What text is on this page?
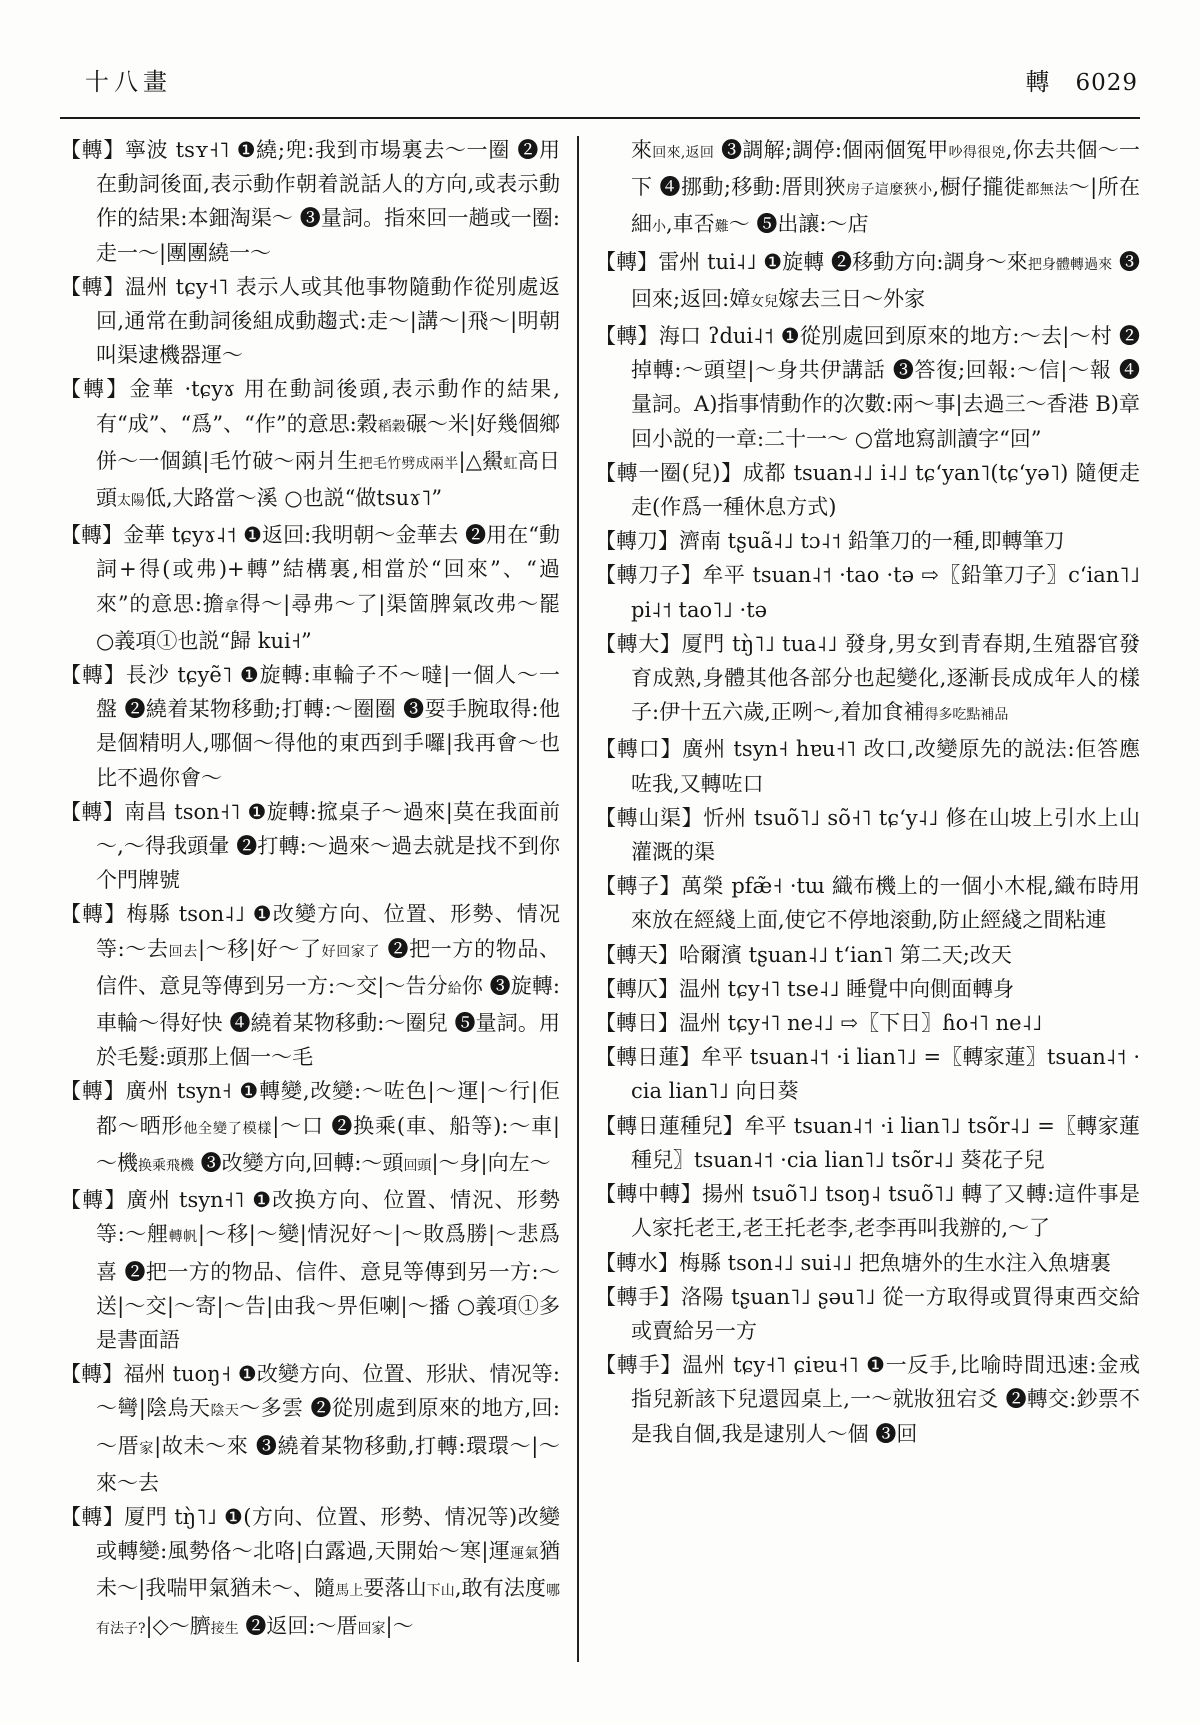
十八畫	轉 6029

【轉】寧波 tsʏ˧˥ ❶繞;兜:我到市場裏去～一圈 ❷用在動詞後面,表示動作朝着説話人的方向,或表示動作的結果:本鈿淘渠～ ❸量詞。指來回一趟或一圈:走一～|團團繞一～

【轉】温州 tɕy˧˥ 表示人或其他事物隨動作從別處返回,通常在動詞後組成動趨式:走～|講～|飛～|明朝叫渠逮機器運～

【轉】金華 ·tɕyɤ 用在動詞後頭,表示動作的結果,有“成”、“爲”、“作”的意思:穀稻穀碾～米|好幾個鄉併～一個鎮|毛竹破～兩爿生把毛竹劈成兩半|△鱟虹高日頭太陽低,大路當～溪 ○也説“做tsuɤ˥”

【轉】金華 tɕyɤ˨˦ ❶返回:我明朝～金華去 ❷用在“動詞+得(或弗)+轉”結構裏,相當於“回來”、“過來”的意思:擔拿得～|尋弗～了|渠箇脾氣改弗～罷 ○義項①也説“歸 kui˧”

【轉】長沙 tɕyẽ˥ ❶旋轉:車輪子不～噠|一個人～一盤 ❷繞着某物移動;打轉:～圈圈 ❸耍手腕取得:他是個精明人,哪個～得他的東西到手囉|我再會～也比不過你會～

【轉】南昌 tson˧˥ ❶旋轉:搲桌子～過來|莫在我面前～,～得我頭暈 ❷打轉:～過來～過去就是找不到你个門牌號

【轉】梅縣 tson˨˩ ❶改變方向、位置、形勢、情况等:～去回去|～移|好～了好回家了 ❷把一方的物品、信件、意見等傳到另一方:～交|～告分給你 ❸旋轉:車輪～得好快 ❹繞着某物移動:～圈兒 ❺量詞。用於毛髮:頭那上個一～毛

【轉】廣州 tsyn˧ ❶轉變,改變:～咗色|～運|～行|佢都～晒形他全變了模樣|～口 ❷换乘(車、船等):～車|～機换乘飛機 ❸改變方向,回轉:～頭回頭|～身|向左～

【轉】廣州 tsyn˧˥ ❶改换方向、位置、情況、形勢等:～艃轉帆|～移|～變|情況好～|～敗爲勝|～悲爲喜 ❷把一方的物品、信件、意見等傳到另一方:～送|～交|～寄|～告|由我～畀佢喇|～播 ○義項①多是書面語

【轉】福州 tuoŋ˧ ❶改變方向、位置、形狀、情况等:～彎|陰烏天陰天～多雲 ❷從別處到原來的地方,回:～厝家|故未～來 ❸繞着某物移動,打轉:環環～|～來～去

【轉】厦門 tŋ̀˥˩ ❶(方向、位置、形勢、情况等)改變或轉變:風勢佫～北咯|白露過,天開始～寒|運運氣猶未～|我喘甲氣猶未～、隨馬上要落山下山,敢有法度哪有法子?|◇～臍接生 ❷返回:～厝回家|～

來回來,返回 ❸調解;調停:個兩個冤甲吵得很兇,你去共個～一下 ❹挪動;移動:厝則狹房子這麼狹小,橱仔攏徙都無法～|所在細小,車否難～ ❺出讓:～店

【轉】雷州 tui˨˩ ❶旋轉 ❷移動方向:調身～來把身體轉過來 ❸回來;返回:嫜女兒嫁去三日～外家

【轉】海口 ʔdui˨˦ ❶從別處回到原來的地方:～去|～村 ❷掉轉:～頭望|～身共伊講話 ❸答復;回報:～信|～報 ❹量詞。A)指事情動作的次數:兩～事|去過三～香港 B)章回小説的一章:二十一～ ○當地寫訓讀字“回”

【轉一圈(兒)】成都 tsuan˨˩ i˨˩ tɕʻyan˥(tɕʻyə˥) 隨便走走(作爲一種休息方式)

【轉刀】濟南 tʂuã˨˩ tɔ˨˦ 鉛筆刀的一種,即轉筆刀

【轉刀子】牟平 tsuan˨˦ ·tao ·tə ⇨〖鉛筆刀子〗cʻian˥˩ pi˨˦ tao˥˩ ·tə

【轉大】厦門 tŋ̀˥˩ tua˨˩ 發身,男女到青春期,生殖器官發育成熟,身體其他各部分也起變化,逐漸長成成年人的樣子:伊十五六歲,正咧～,着加食補得多吃點補品

【轉口】廣州 tsyn˧ hɐu˧˥ 改口,改變原先的説法:佢答應咗我,又轉咗口

【轉山渠】忻州 tsuõ˥˩ sõ˧˥ tɕʻy˨˩ 修在山坡上引水上山灌溉的渠

【轉子】萬榮 pfæ̃˧ ·tɯ 織布機上的一個小木棍,織布時用來放在經綫上面,使它不停地滚動,防止經綫之間粘連

【轉天】哈爾濱 tʂuan˨˩ tʻian˥ 第二天;改天

【轉仄】温州 tɕy˧˥ tse˨˩ 睡覺中向側面轉身

【轉日】温州 tɕy˧˥ ne˨˩ ⇨〖下日〗ɦo˧˥ ne˨˩

【轉日蓮】牟平 tsuan˨˦ ·i lian˥˩ =〖轉家蓮〗tsuan˨˦ ·cia lian˥˩ 向日葵

【轉日蓮種兒】牟平 tsuan˨˦ ·i lian˥˩ tsõr˨˩ =〖轉家蓮種兒〗tsuan˨˦ ·cia lian˥˩ tsõr˨˩ 葵花子兒

【轉中轉】揚州 tsuõ˥˩ tsoŋ˨ tsuõ˥˩ 轉了又轉:這件事是人家托老王,老王托老李,老李再叫我辦的,～了

【轉水】梅縣 tson˨˩ sui˨˩ 把魚塘外的生水注入魚塘裏

【轉手】洛陽 tʂuan˥˩ ʂəu˥˩ 從一方取得或買得東西交給或賣給另一方

【轉手】温州 tɕy˧˥ ɕiɐu˧˥ ❶一反手,比喻時間迅速:金戒指兒新該下兒還囥桌上,一～就妝狃宕爻 ❷轉交:鈔票不是我自個,我是逮別人～個 ❸回
